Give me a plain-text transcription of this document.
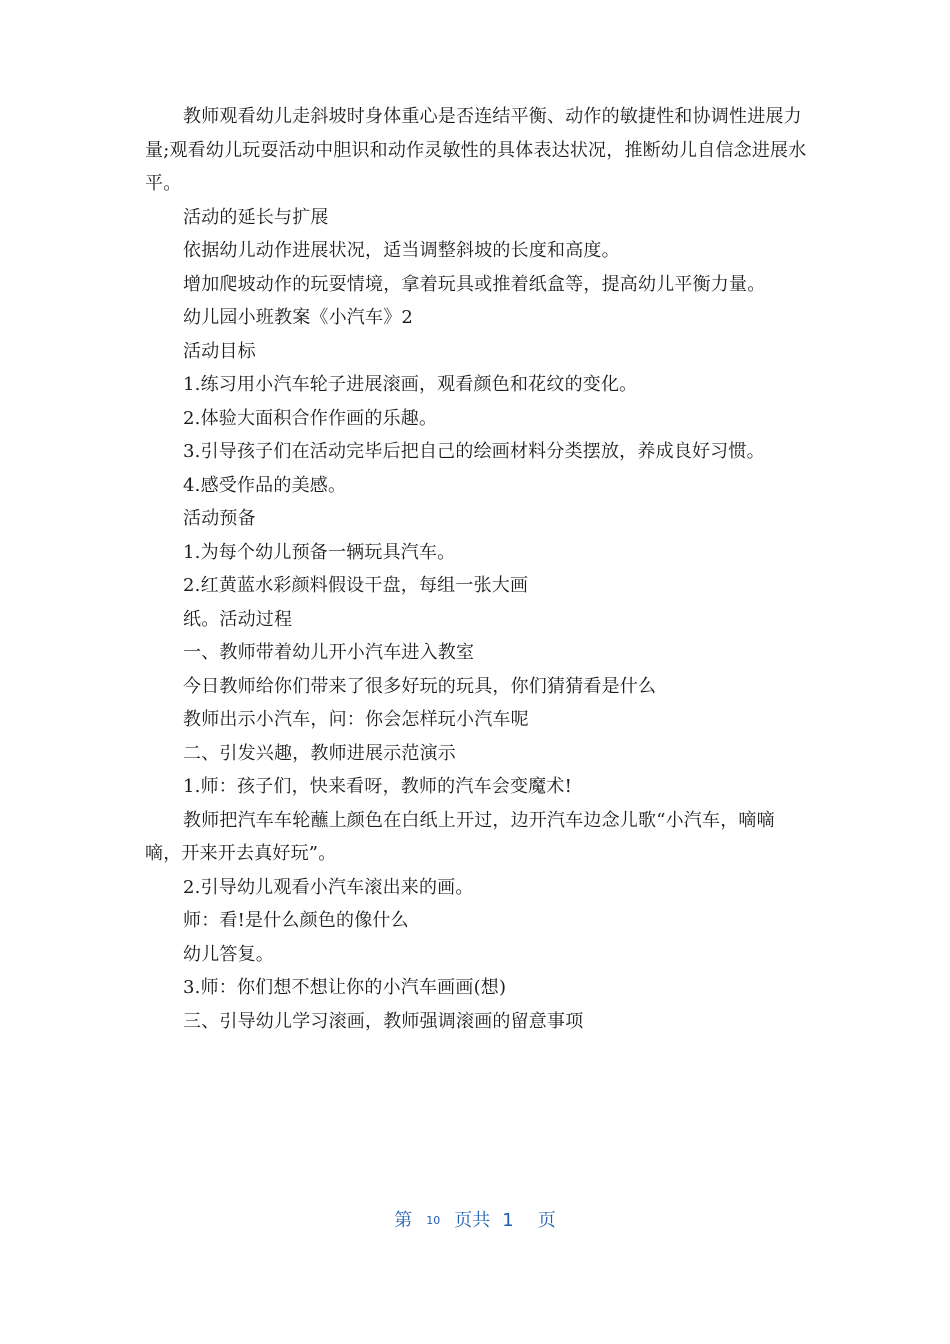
教师观看幼儿走斜坡时身体重心是否连结平衡、动作的敏捷性和协调性进展力量;观看幼儿玩耍活动中胆识和动作灵敏性的具体表达状况，推断幼儿自信念进展水平。

活动的延长与扩展

依据幼儿动作进展状况，适当调整斜坡的长度和高度。

增加爬坡动作的玩耍情境，拿着玩具或推着纸盒等，提高幼儿平衡力量。

幼儿园小班教案《小汽车》2

活动目标

1.练习用小汽车轮子进展滚画，观看颜色和花纹的变化。

2.体验大面积合作作画的乐趣。

3.引导孩子们在活动完毕后把自己的绘画材料分类摆放，养成良好习惯。

4.感受作品的美感。

活动预备

1.为每个幼儿预备一辆玩具汽车。

2.红黄蓝水彩颜料假设干盘，每组一张大画

纸。活动过程

一、教师带着幼儿开小汽车进入教室

今日教师给你们带来了很多好玩的玩具，你们猜猜看是什么

教师出示小汽车，问：你会怎样玩小汽车呢

二、引发兴趣，教师进展示范演示

1.师：孩子们，快来看呀，教师的汽车会变魔术!

教师把汽车车轮蘸上颜色在白纸上开过，边开汽车边念儿歌“小汽车，嘀嘀嘀，开来开去真好玩”。

2.引导幼儿观看小汽车滚出来的画。

师：看!是什么颜色的像什么

幼儿答复。

3.师：你们想不想让你的小汽车画画(想)

三、引导幼儿学习滚画，教师强调滚画的留意事项

第 10 页共 1 页
